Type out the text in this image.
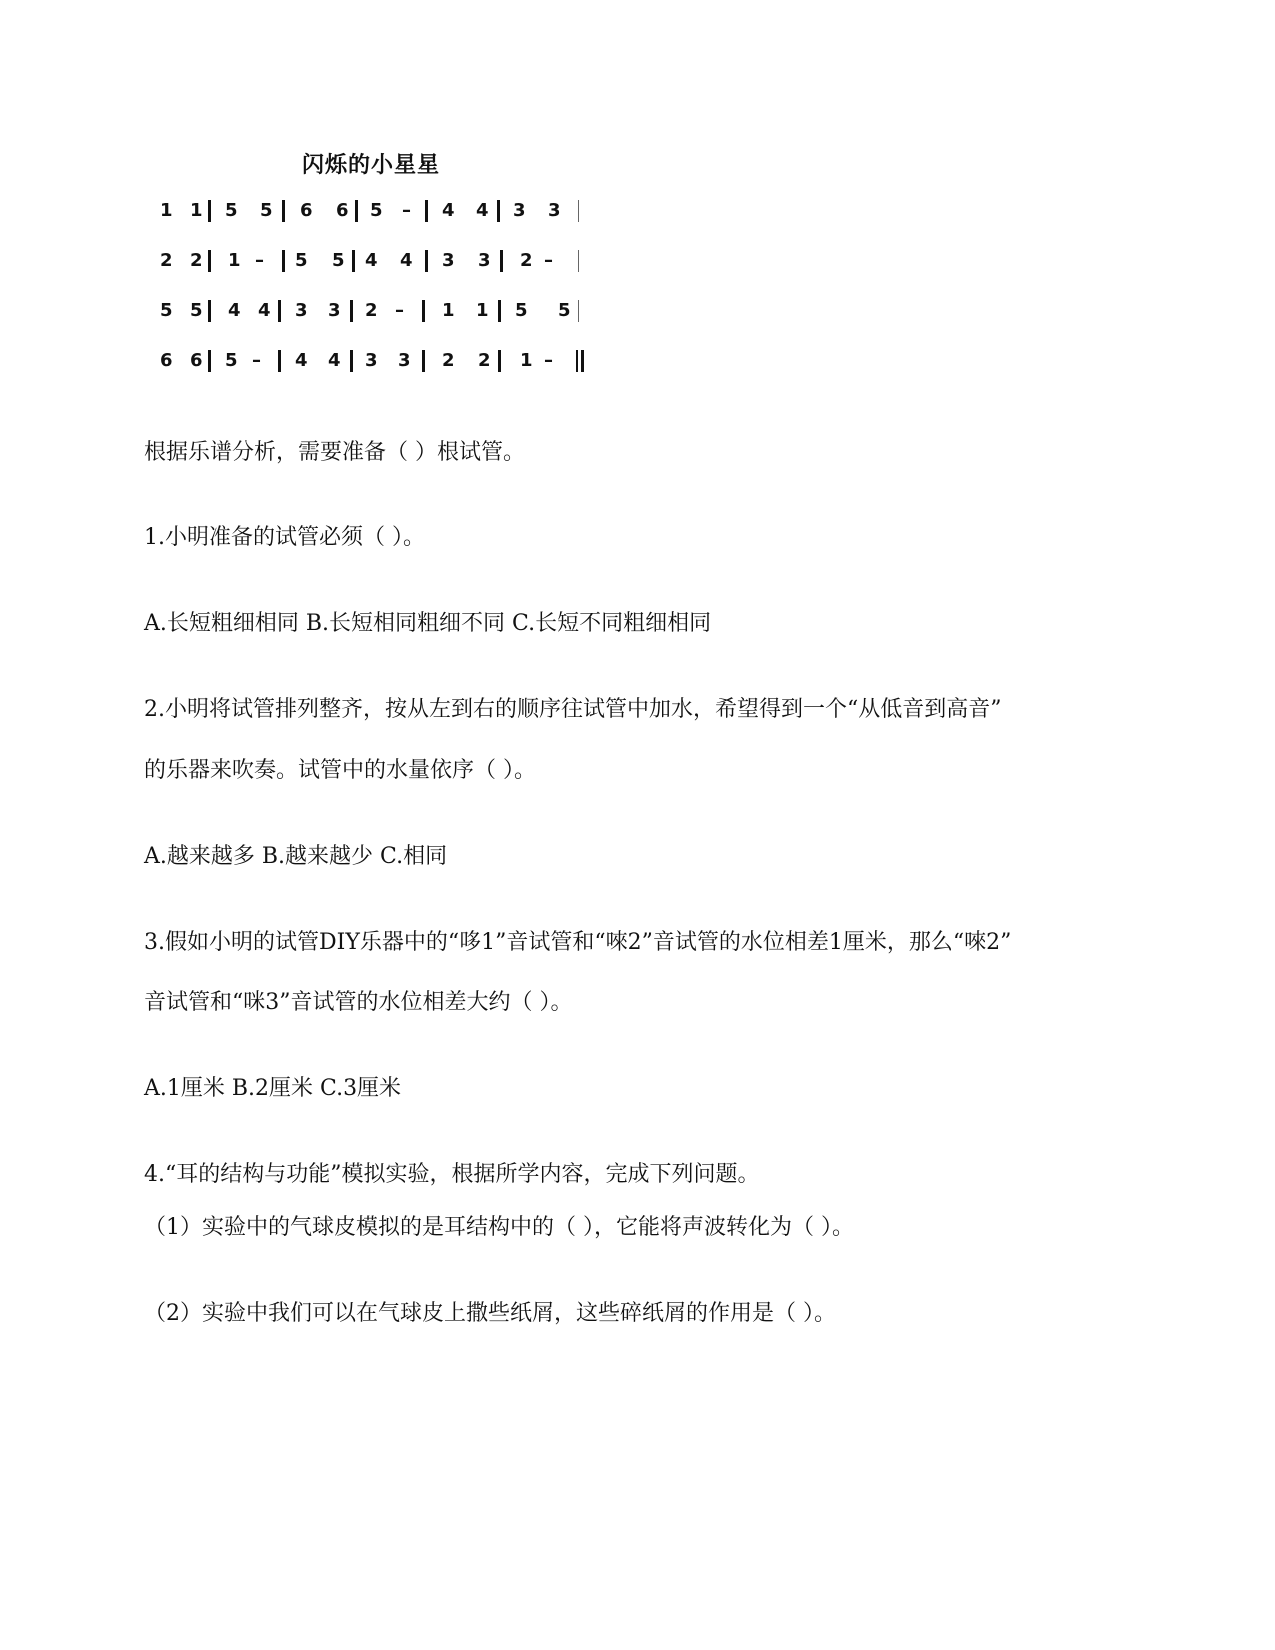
闪烁的小星星
1 1 5 5 6 6 5 – 4 4 3 3
2 2 1 – 5 5 4 4 3 3 2 –
5 5 4 4 3 3 2 – 1 1 5 5
6 6 5 – 4 4 3 3 2 2 1 –
根据乐谱分析，需要准备（ ）根试管。
1.小明准备的试管必须（ ）。
A.长短粗细相同 B.长短相同粗细不同 C.长短不同粗细相同
2.小明将试管排列整齐，按从左到右的顺序往试管中加水，希望得到一个“从低音到高音”
的乐器来吹奏。试管中的水量依序（ ）。
A.越来越多 B.越来越少 C.相同
3.假如小明的试管DIY乐器中的“哆1”音试管和“唻2”音试管的水位相差1厘米，那么“唻2”
音试管和“咪3”音试管的水位相差大约（ ）。
A.1厘米 B.2厘米 C.3厘米
4.“耳的结构与功能”模拟实验，根据所学内容，完成下列问题。
（1）实验中的气球皮模拟的是耳结构中的（ ），它能将声波转化为（ ）。
（2）实验中我们可以在气球皮上撒些纸屑，这些碎纸屑的作用是（ ）。
